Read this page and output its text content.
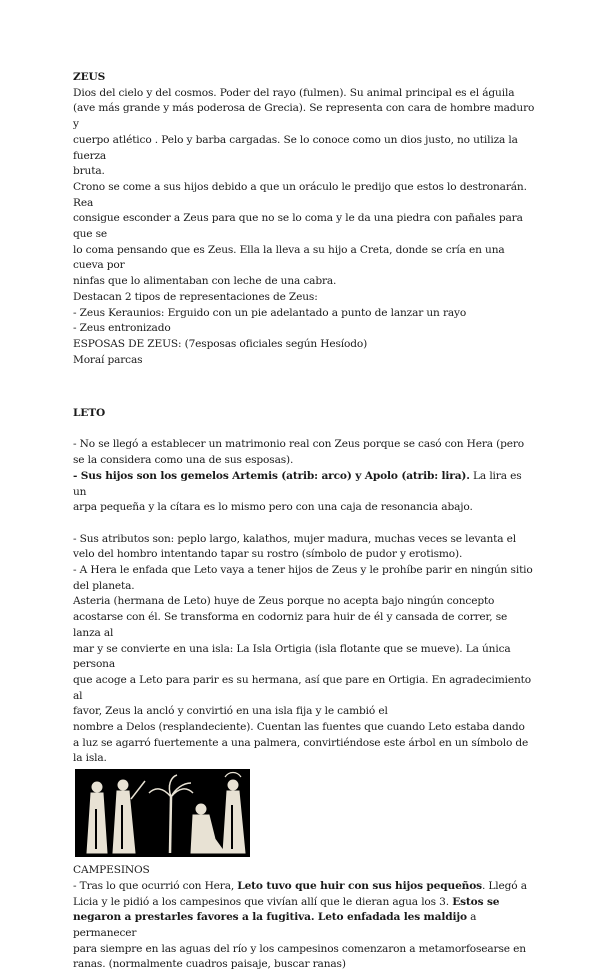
ZEUS

Dios del cielo y del cosmos. Poder del rayo (fulmen). Su animal principal es el águila

(ave más grande y más poderosa de Grecia). Se representa con cara de hombre maduro y

cuerpo atlético . Pelo y barba cargadas. Se lo conoce como un dios justo, no utiliza la fuerza

bruta.

Crono se come a sus hijos debido a que un oráculo le predijo que estos lo destronarán. Rea

consigue esconder a Zeus para que no se lo coma y le da una piedra con pañales para que se

lo coma pensando que es Zeus. Ella la lleva a su hijo a Creta, donde se cría en una cueva por

ninfas que lo alimentaban con leche de una cabra.

Destacan 2 tipos de representaciones de Zeus:

- Zeus Keraunios: Erguido con un pie adelantado a punto de lanzar un rayo

- Zeus entronizado

ESPOSAS DE ZEUS: (7esposas oficiales según Hesíodo)

Moraí parcas

LETO

- No se llegó a establecer un matrimonio real con Zeus porque se casó con Hera (pero

se la considera como una de sus esposas).

- Sus hijos son los gemelos Artemis (atrib: arco) y Apolo (atrib: lira). La lira es un

arpa pequeña y la cítara es lo mismo pero con una caja de resonancia abajo.

- Sus atributos son: peplo largo, kalathos, mujer madura, muchas veces se levanta el

velo del hombro intentando tapar su rostro (símbolo de pudor y erotismo).

- A Hera le enfada que Leto vaya a tener hijos de Zeus y le prohíbe parir en ningún sitio

del planeta.

Asteria (hermana de Leto) huye de Zeus porque no acepta bajo ningún concepto

acostarse con él. Se transforma en codorniz para huir de él y cansada de correr, se lanza al

mar y se convierte en una isla: La Isla Ortigia (isla flotante que se mueve). La única persona

que acoge a Leto para parir es su hermana, así que pare en Ortigia. En agradecimiento al

favor, Zeus la ancló y convirtió en una isla fija y le cambió el

nombre a Delos (resplandeciente). Cuentan las fuentes que cuando Leto estaba dando

a luz se agarró fuertemente a una palmera, convirtiéndose este árbol en un símbolo de

la isla.

CAMPESINOS

- Tras lo que ocurrió con Hera, Leto tuvo que huir con sus hijos pequeños. Llegó a

Licia y le pidió a los campesinos que vivían allí que le dieran agua los 3. Estos se

negaron a prestarles favores a la fugitiva. Leto enfadada les maldijo a permanecer

para siempre en las aguas del río y los campesinos comenzaron a metamorfosearse en

ranas. (normalmente cuadros paisaje, buscar ranas)
